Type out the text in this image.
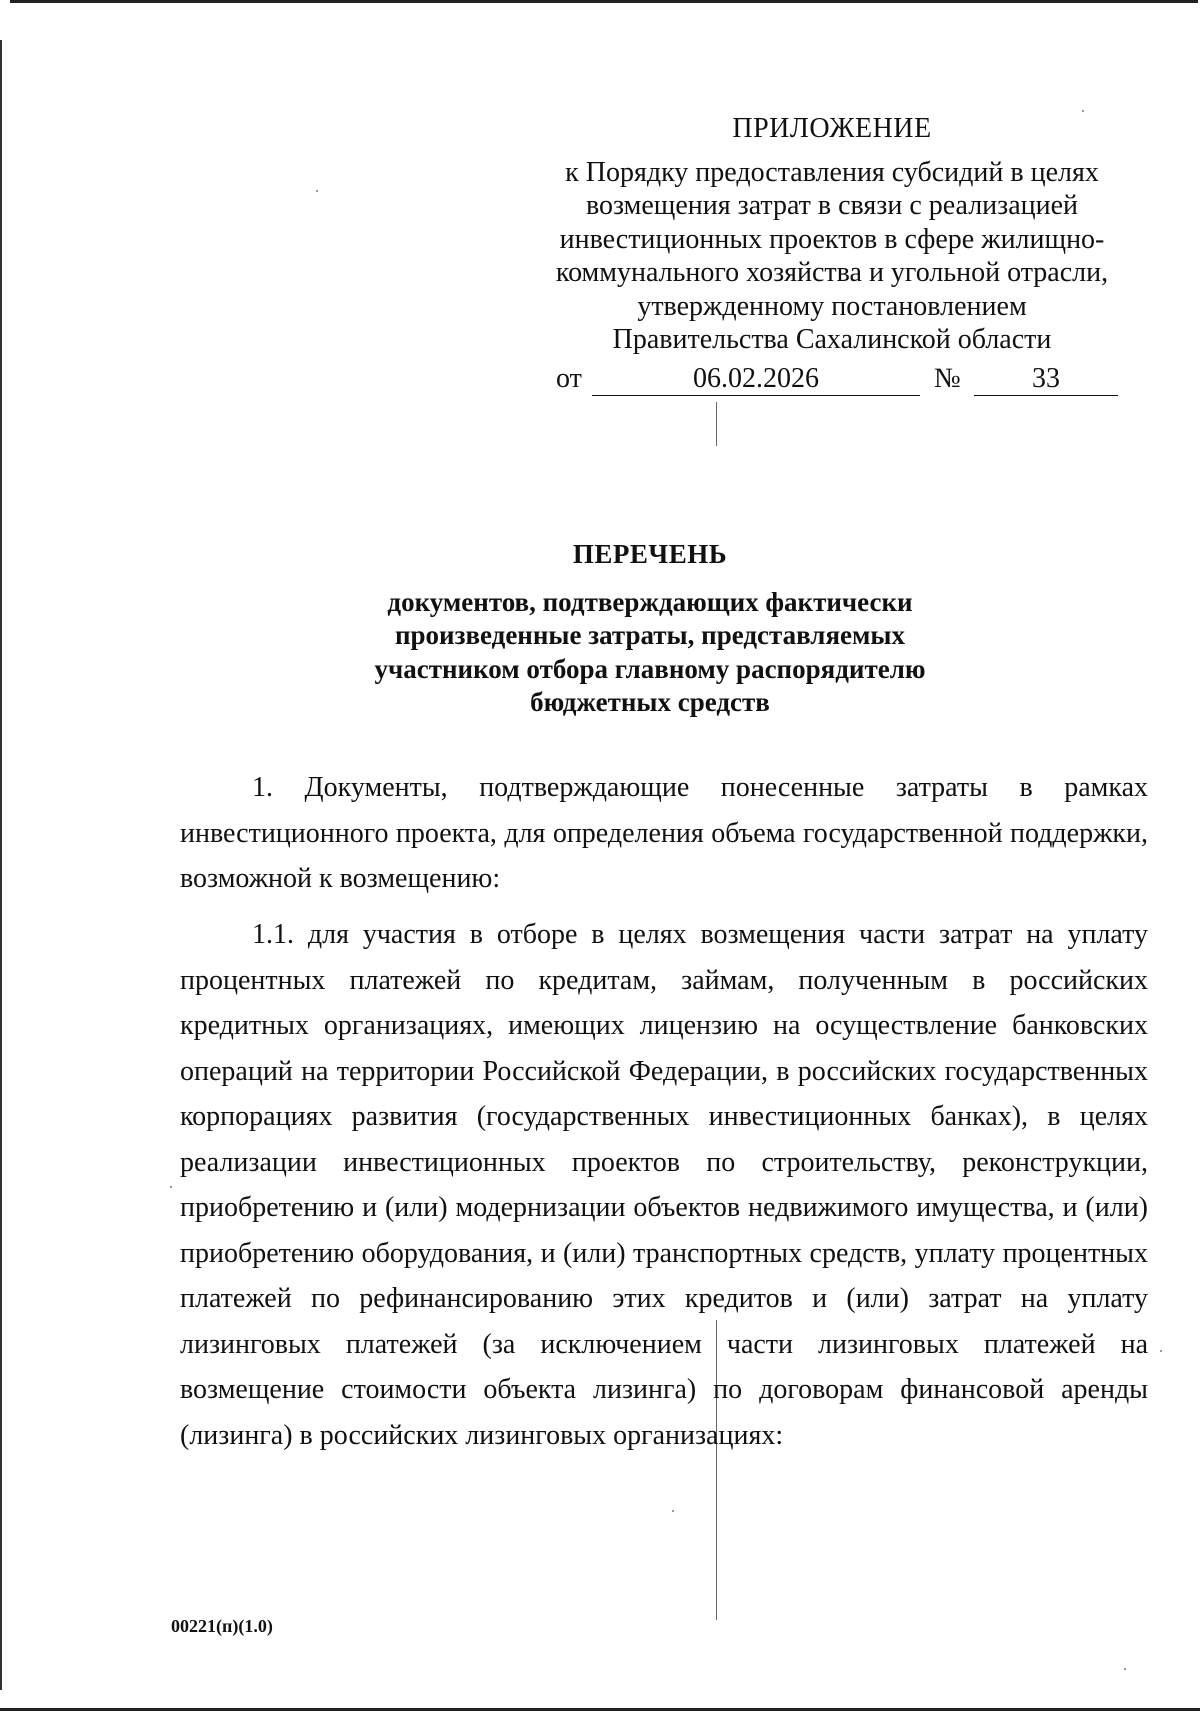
ПРИЛОЖЕНИЕ
к Порядку предоставления субсидий в целях
возмещения затрат в связи с реализацией
инвестиционных проектов в сфере жилищно-
коммунального хозяйства и угольной отрасли,
утвержденному постановлением
Правительства Сахалинской области
от	06.02.2026	№	33
ПЕРЕЧЕНЬ
документов, подтверждающих фактически
произведенные затраты, представляемых
участником отбора главному распорядителю
бюджетных средств
1. Документы, подтверждающие понесенные затраты в рамках инвестиционного проекта, для определения объема государственной поддержки, возможной к возмещению:
1.1. для участия в отборе в целях возмещения части затрат на уплату процентных платежей по кредитам, займам, полученным в российских кредитных организациях, имеющих лицензию на осуществление банковских операций на территории Российской Федерации, в российских государственных корпорациях развития (государственных инвестиционных банках), в целях реализации инвестиционных проектов по строительству, реконструкции, приобретению и (или) модернизации объектов недвижимого имущества, и (или) приобретению оборудования, и (или) транспортных средств, уплату процентных платежей по рефинансированию этих кредитов и (или) затрат на уплату лизинговых платежей (за исключением части лизинговых платежей на возмещение стоимости объекта лизинга) по договорам финансовой аренды (лизинга) в российских лизинговых организациях:
00221(п)(1.0)
